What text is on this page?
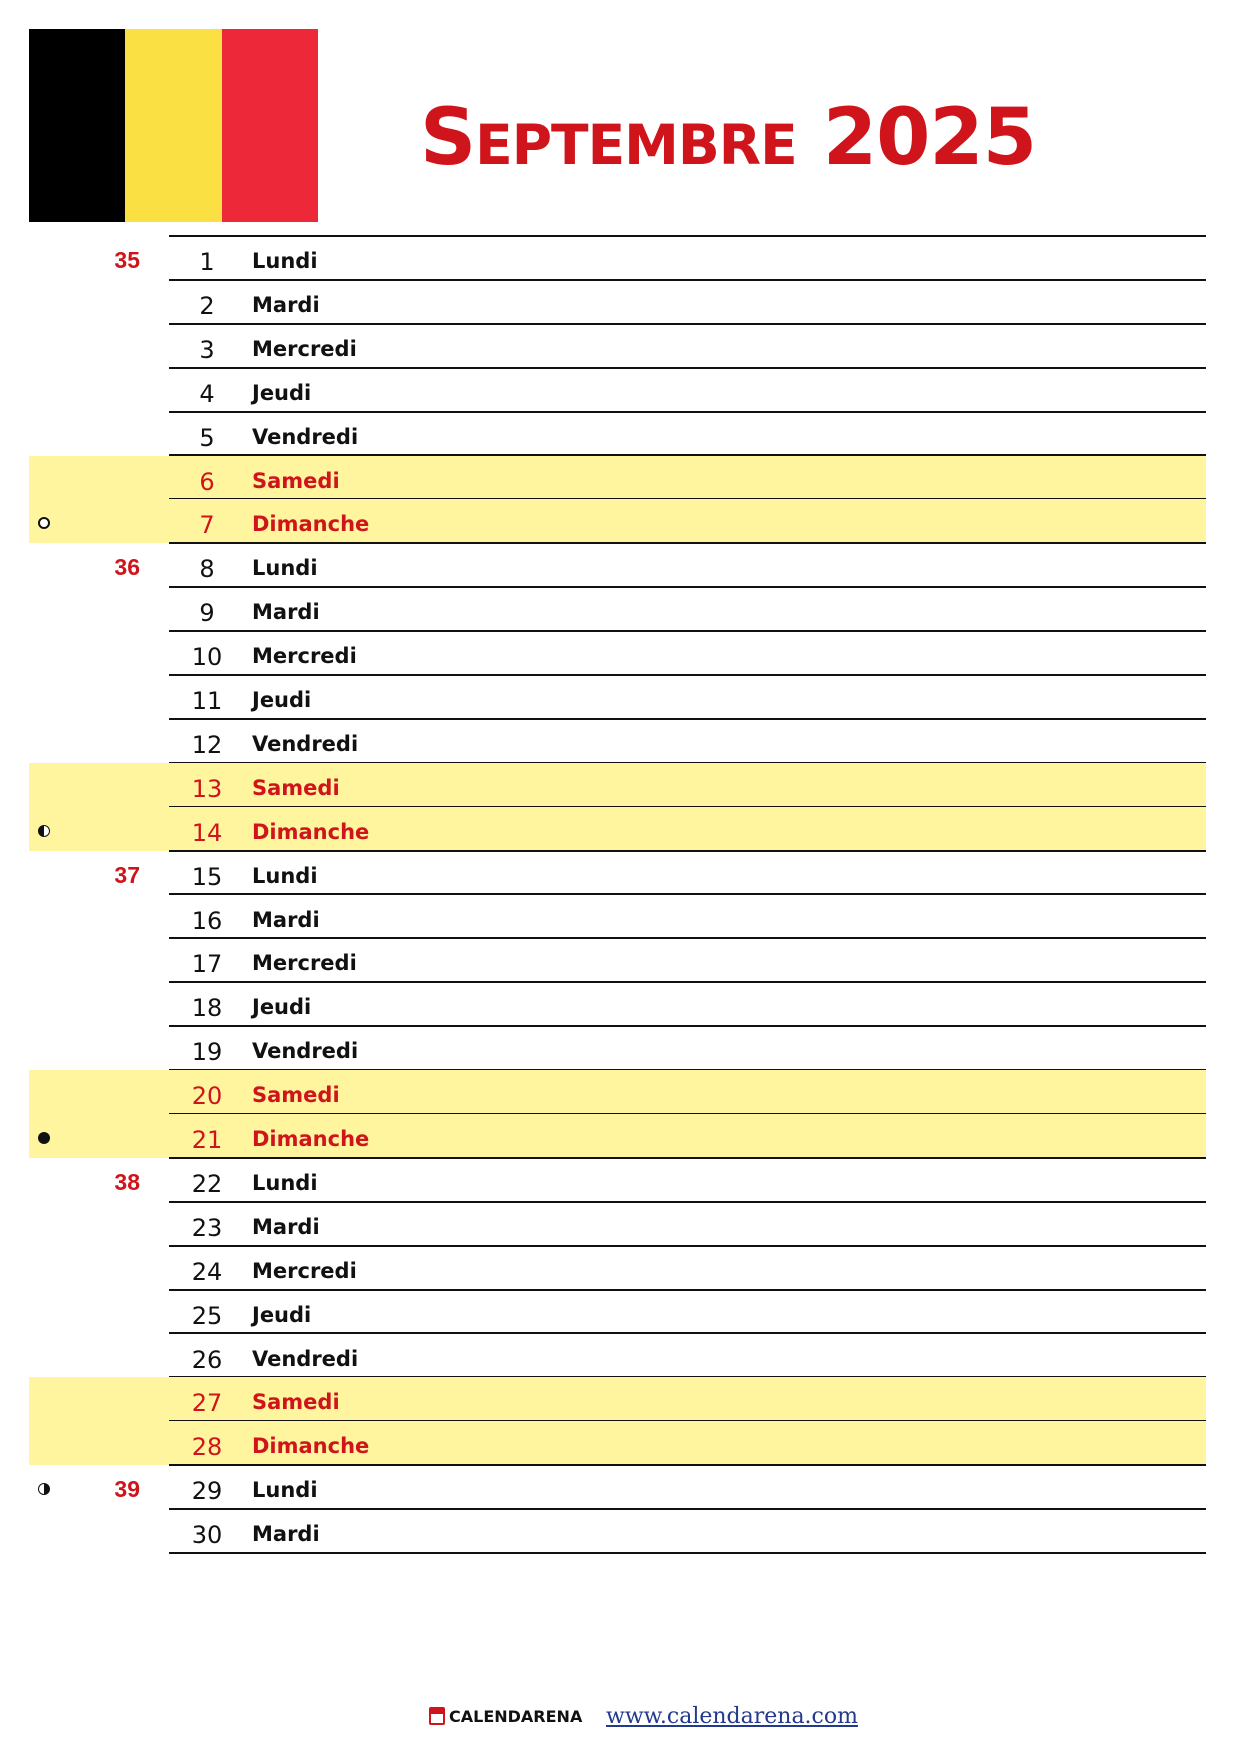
Septembre 2025
35	1	Lundi
2	Mardi
3	Mercredi
4	Jeudi
5	Vendredi
6	Samedi
7	Dimanche
36	8	Lundi
9	Mardi
10	Mercredi
11	Jeudi
12	Vendredi
13	Samedi
14	Dimanche
37	15	Lundi
16	Mardi
17	Mercredi
18	Jeudi
19	Vendredi
20	Samedi
21	Dimanche
38	22	Lundi
23	Mardi
24	Mercredi
25	Jeudi
26	Vendredi
27	Samedi
28	Dimanche
39	29	Lundi
30	Mardi
CALENDARENA www.calendarena.com
